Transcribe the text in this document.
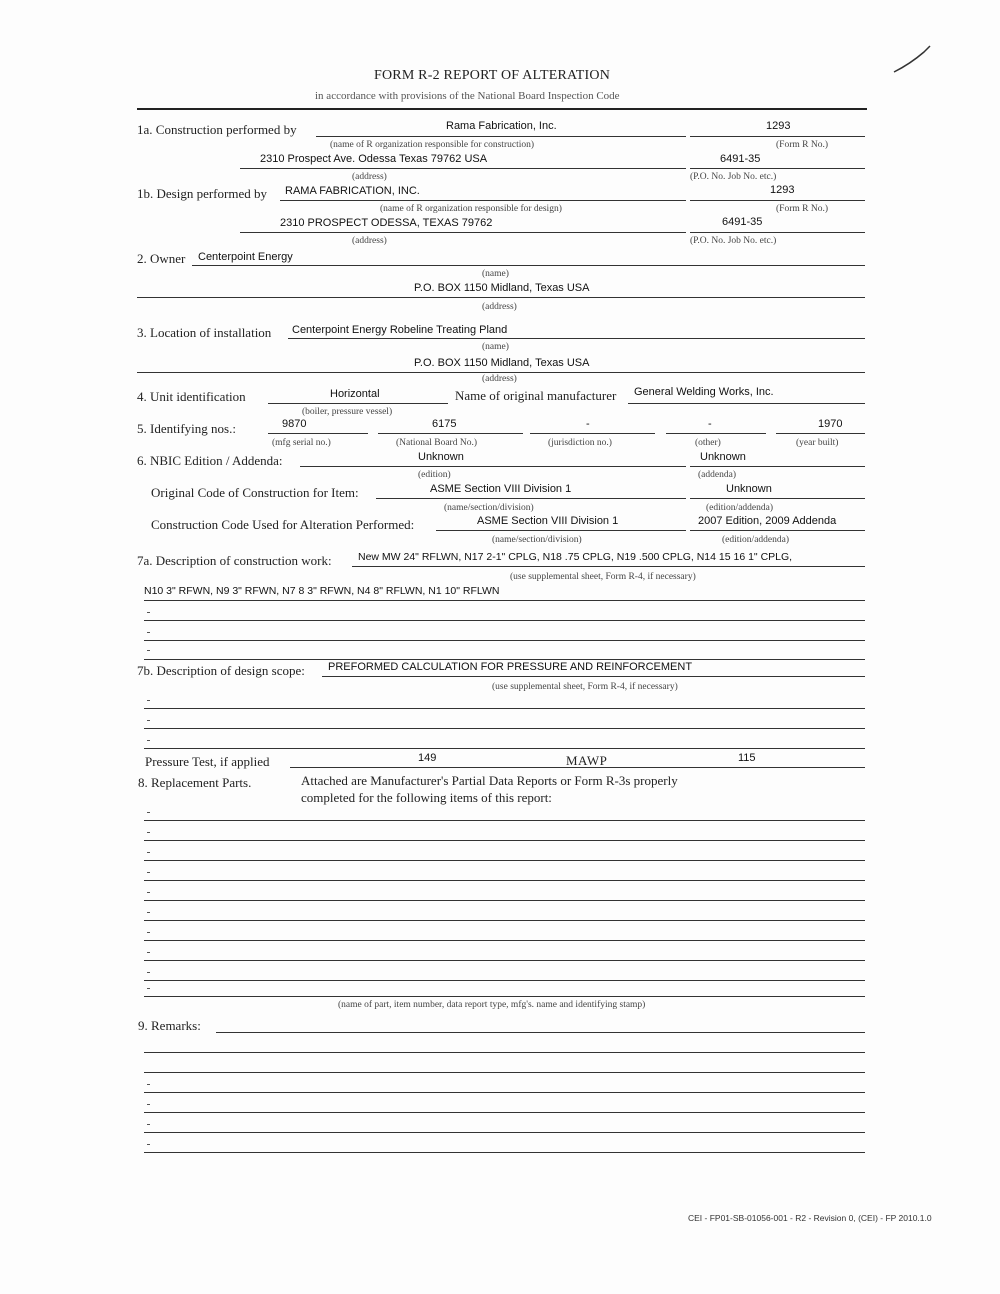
FORM R-2 REPORT OF ALTERATION
in accordance with provisions of the National Board Inspection Code
1a. Construction performed by	Rama Fabrication, Inc.	1293
(name of R organization responsible for construction)	(Form R No.)
2310 Prospect Ave. Odessa Texas 79762 USA	6491-35
(address)	(P.O. No. Job No. etc.)
1b. Design performed by RAMA FABRICATION, INC.	1293
(name of R organization responsible for design)	(Form R No.)
2310 PROSPECT ODESSA, TEXAS 79762	6491-35
(address)	(P.O. No. Job No. etc.)
2. Owner Centerpoint Energy
(name)
P.O. BOX 1150 Midland, Texas USA
(address)
3. Location of installation Centerpoint Energy Robeline Treating Pland
(name)
P.O. BOX 1150 Midland, Texas USA
(address)
4. Unit identification	Horizontal	Name of original manufacturer General Welding Works, Inc.
(boiler, pressure vessel)
5. Identifying nos.:	9870	6175	-	-	1970
(mfg serial no.)	(National Board No.)	(jurisdiction no.)	(other)	(year built)
6. NBIC Edition / Addenda:	Unknown	Unknown
(edition)	(addenda)
Original Code of Construction for Item:	ASME Section VIII Division 1	Unknown
(name/section/division)	(edition/addenda)
Construction Code Used for Alteration Performed:	ASME Section VIII Division 1	2007 Edition, 2009 Addenda
(name/section/division)	(edition/addenda)
7a. Description of construction work:	New MW 24" RFLWN, N17 2-1" CPLG, N18 .75 CPLG, N19 .500 CPLG, N14 15 16 1" CPLG,
(use supplemental sheet, Form R-4, if necessary)
N10 3" RFWN, N9 3" RFWN, N7 8 3" RFWN, N4 8" RFLWN, N1 10" RFLWN
7b. Description of design scope: PREFORMED CALCULATION FOR PRESSURE AND REINFORCEMENT
(use supplemental sheet, Form R-4, if necessary)
Pressure Test, if applied	149	MAWP	115
8. Replacement Parts.	Attached are Manufacturer's Partial Data Reports or Form R-3s properly
completed for the following items of this report:
(name of part, item number, data report type, mfg's. name and identifying stamp)
9. Remarks:
CEI - FP01-SB-01056-001 - R2 - Revision 0, (CEI) - FP 2010.1.0
